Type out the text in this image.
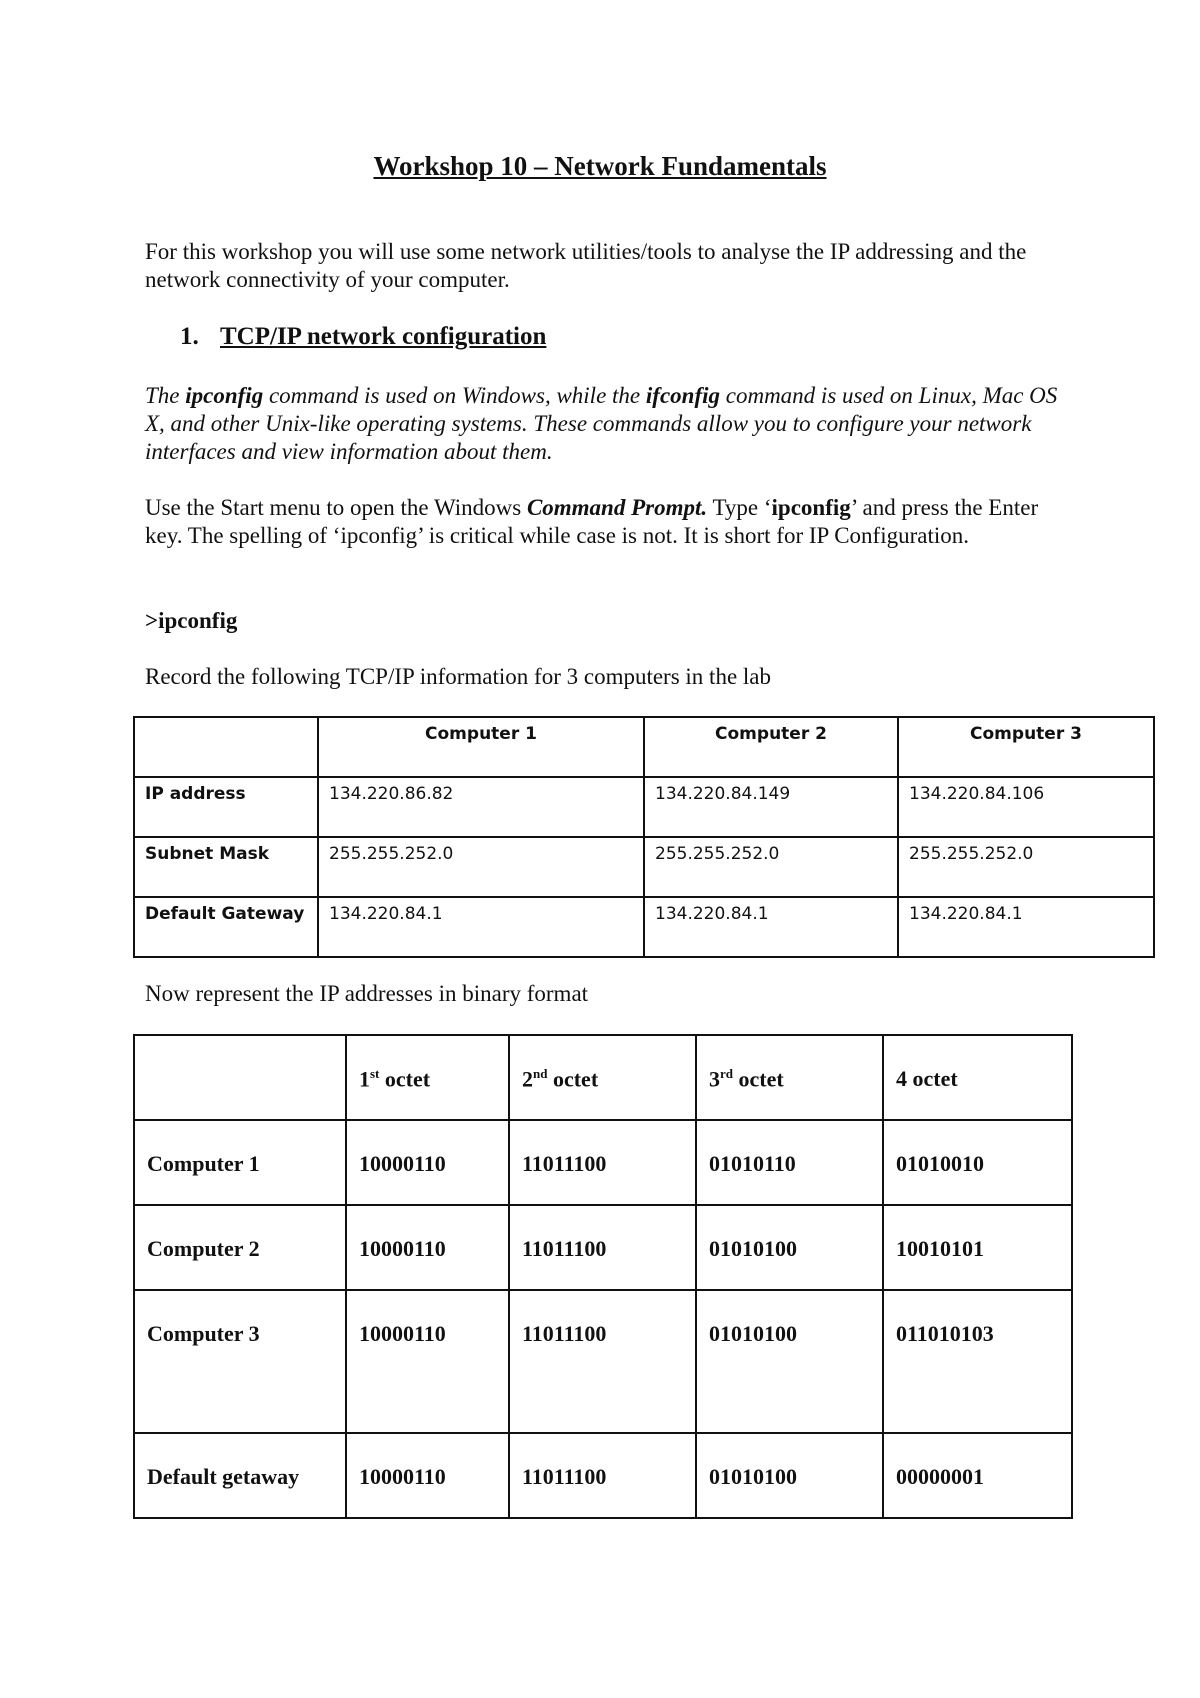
Workshop 10 – Network Fundamentals

For this workshop you will use some network utilities/tools to analyse the IP addressing and the network connectivity of your computer.

1. TCP/IP network configuration

The ipconfig command is used on Windows, while the ifconfig command is used on Linux, Mac OS X, and other Unix-like operating systems. These commands allow you to configure your network interfaces and view information about them.

Use the Start menu to open the Windows Command Prompt. Type ‘ipconfig’ and press the Enter key. The spelling of ‘ipconfig’ is critical while case is not. It is short for IP Configuration.

>ipconfig

Record the following TCP/IP information for 3 computers in the lab

	Computer 1	Computer 2	Computer 3
IP address	134.220.86.82	134.220.84.149	134.220.84.106
Subnet Mask	255.255.252.0	255.255.252.0	255.255.252.0
Default Gateway	134.220.84.1	134.220.84.1	134.220.84.1

Now represent the IP addresses in binary format

	1st octet	2nd octet	3rd octet	4 octet
Computer 1	10000110	11011100	01010110	01010010
Computer 2	10000110	11011100	01010100	10010101
Computer 3	10000110	11011100	01010100	011010103
Default getaway	10000110	11011100	01010100	00000001
